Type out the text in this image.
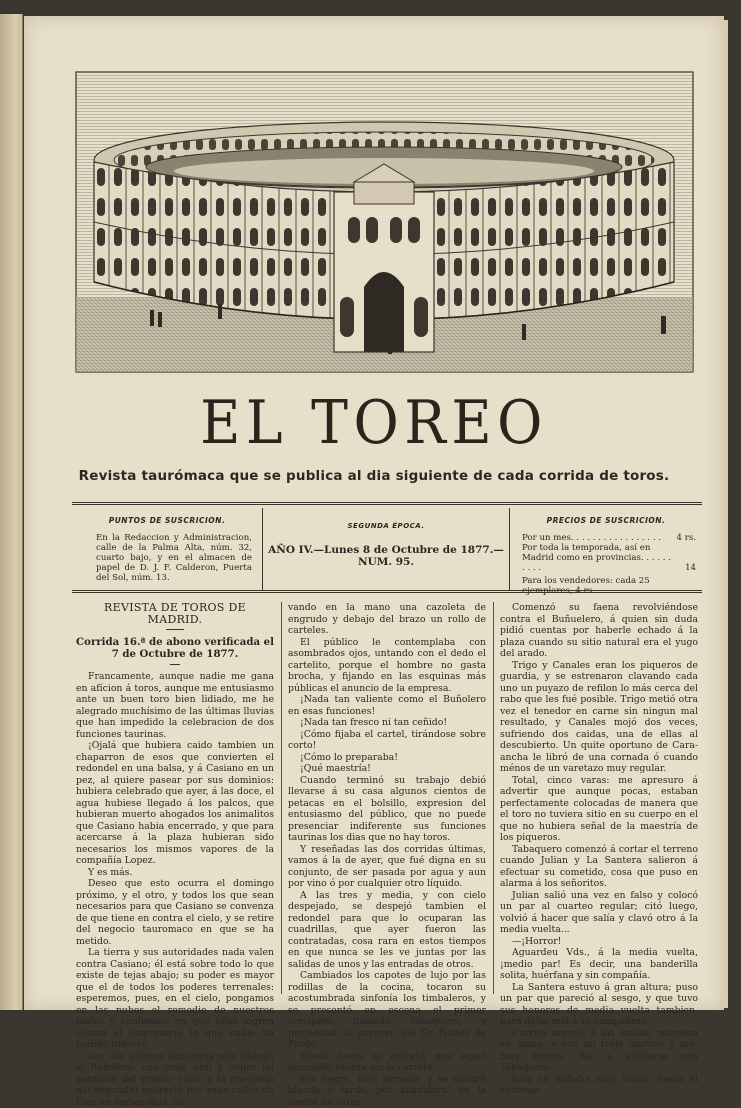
EL TOREO
Revista taurómaca que se publica al dia siguiente de cada corrida de toros.
PUNTOS DE SUSCRICION.
En la Redaccion y Administracion, calle de la Palma Alta, núm. 32, cuarto bajo, y en el almacen de papel de D. J. F. Calderon, Puerta del Sol, núm. 13.
SEGUNDA ÉPOCA.
AÑO IV.—Lunes 8 de Octubre de 1877.—NUM. 95.
PRECIOS DE SUSCRICION.
Por un mes. . . . . . . . . . . . . . . . . 4 rs.
Por toda la temporada, así en Madrid como en provincias. . . . . . . . . .	14
Para los vendedores: cada 25 ejemplares, 4 rs
REVISTA DE TOROS DE MADRID.
Corrida 16.ª de abono verificada el 7 de Octubre de 1877.

Francamente, aunque nadie me gana en afícion á toros, aunque me entusiasmo ante un buen toro bien lidiado, me he alegrado muchísimo de las últimas lluvias que han impedido la celebracion de dos funciones taurinas.

¡Ojalá que hubiera caido tambien un chaparron de esos que convierten el redondel en una balsa, y á Casiano en un pez, al quiere pasear por sus dominios: hubiera celebrado que ayer, á las doce, el agua hubiese llegado á los palcos, que hubieran muerto ahogados los animalitos que Casiano habia encerrado, y que para acercarse á la plaza hubieran sido necesarios los mismos vapores de la compañía Lopez.

Y es más.

Deseo que esto ocurra el domingo próximo, y el otro, y todos los que sean necesarios para que Casiano se convenza de que tiene en contra el cielo, y se retire del negocio tauromaco en que se ha metido.

La tierra y sus autoridades nada valen contra Casiano; él está sobre todo lo que existe de tejas abajo; su poder es mayor que el de todos los poderes terrenales: esperemos, pues, en el cielo, pongamos en las nubes el remedio de nuestros males y confiemos en que ellas logren contra el empresario lo que nadie ha podido todavía.

Los dos últimos domingos solo trabajó el Buñolero: con traje azul y negro (el pantalon del primer color y la chaqueta del segundo) apareció por esas calles de Dios en ambos dias, lle-

vando en la mano una cazoleta de engrudo y debajo del brazo un rollo de carteles.

El público le contemplaba con asombrados ojos, untando con el dedo el cartelito, porque el hombre no gasta brocha, y fijando en las esquinas más públicas el anuncio de la empresa.

¡Nada tan valiente como el Buñolero en esas funciones!

¡Nada tan fresco ni tan ceñido!

¡Cómo fijaba el cartel, tirándose sobre corto!

¡Cómo lo preparaba!

¡Qué maestría!

Cuando terminó su trabajo debió llevarse á su casa algunos cientos de petacas en el bolsillo, expresion del entusiasmo del público, que no puede presenciar indiferente sus funciones taurinas los dias que no hay toros.

Y reseñadas las dos corridas últimas, vamos á la de ayer, que fué digna en su conjunto, de ser pasada por agua y aun por vino ó por cualquier otro líquido.

A las tres y media, y con cielo despejado, se despejó tambien el redondel para que lo ocuparan las cuadrillas, que ayer fueron las contratadas, cosa rara en estos tiempos en que nunca se les ve juntas por las salidas de unos y las entradas de otros.

Cambiados los capotes de lujo por las rodillas de la cocina, tocaron su acostumbrada sinfonía los timbaleros, y se presentó en escena el primer corsipeto, llamado Tabaquero, y propiedad, al parecer, del Sr. Nuñez de Prado.

Desde luego se extrañó que aquel animalito saliera sin la carreta.

Era negro, bien armado, y se mostró blando y tardo, por añadidura, en la suerte de varas.

Comenzó su faena revolviéndose contra el Buñuelero, á quien sin duda pidió cuentas por haberle echado á la plaza cuando su sitio natural era el yugo del arado.

Trigo y Canales eran los piqueros de guardia, y se estrenaron clavando cada uno un puyazo de refilon lo más cerca del rabo que les fué posible. Trigo metió otra vez el tenedor en carne sin ningun mal resultado, y Canales mojó dos veces, sufriendo dos caidas, una de ellas al descubierto. Un quite oportuno de Cara-ancha le libró de una cornada ó cuando ménos de un varetazo muy regular.

Total, cinco varas: me apresuro á advertir que aunque pocas, estaban perfectamente colocadas de manera que el toro no tuviera sitio en su cuerpo en el que no hubiera señal de la maestría de los piqueros.

Tabaquero comenzó á cortar el terreno cuando Julian y La Santera salieron á efectuar su cometido, cosa que puso en alarma á los señoritos.

Julian salió una vez en falso y colocó un par al cuarteo regular; citó luego, volvió á hacer que salía y clavó otro á la media vuelta...

—¡Horror!

Aguardeu Vds., á la media vuelta, ¡medio par! Es decir, una banderilla solita, huérfana y sin compañía.

La Santera estuvo á gran altura; puso un par que pareció al sesgo, y que tuvo sus honores de media vuelta tambien, para dejar mal á su compañero.

Currito arengó á las masas, montera en mano, y con un traje marron y oro, muy bonito, fué á avistarse con Tabaquero.

Este se hallaba muy huido, hasta el extremo
